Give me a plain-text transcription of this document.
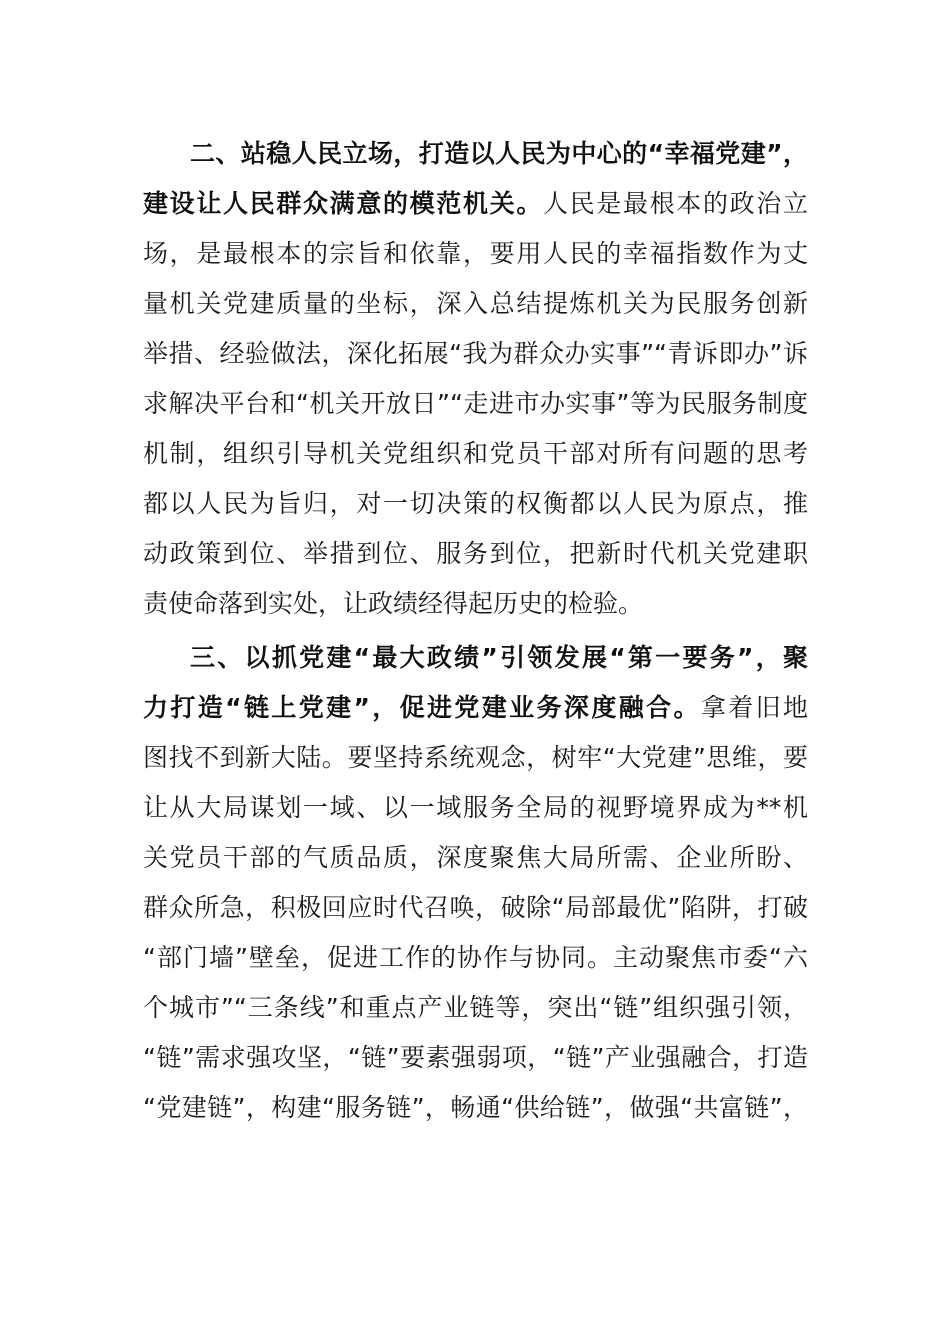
二、站稳人民立场，打造以人民为中心的“幸福党建”，
建设让人民群众满意的模范机关。人民是最根本的政治立
场，是最根本的宗旨和依靠，要用人民的幸福指数作为丈
量机关党建质量的坐标，深入总结提炼机关为民服务创新
举措、经验做法，深化拓展“我为群众办实事”“青诉即办”诉
求解决平台和“机关开放日”“走进市办实事”等为民服务制度
机制，组织引导机关党组织和党员干部对所有问题的思考
都以人民为旨归，对一切决策的权衡都以人民为原点，推
动政策到位、举措到位、服务到位，把新时代机关党建职
责使命落到实处，让政绩经得起历史的检验。
三、以抓党建“最大政绩”引领发展“第一要务”，聚
力打造“链上党建”，促进党建业务深度融合。拿着旧地
图找不到新大陆。要坚持系统观念，树牢“大党建”思维，要
让从大局谋划一域、以一域服务全局的视野境界成为**机
关党员干部的气质品质，深度聚焦大局所需、企业所盼、
群众所急，积极回应时代召唤，破除“局部最优”陷阱，打破
“部门墙”壁垒，促进工作的协作与协同。主动聚焦市委“六
个城市”“三条线”和重点产业链等，突出“链”组织强引领，
“链”需求强攻坚，“链”要素强弱项，“链”产业强融合，打造
“党建链”，构建“服务链”，畅通“供给链”，做强“共富链”，
